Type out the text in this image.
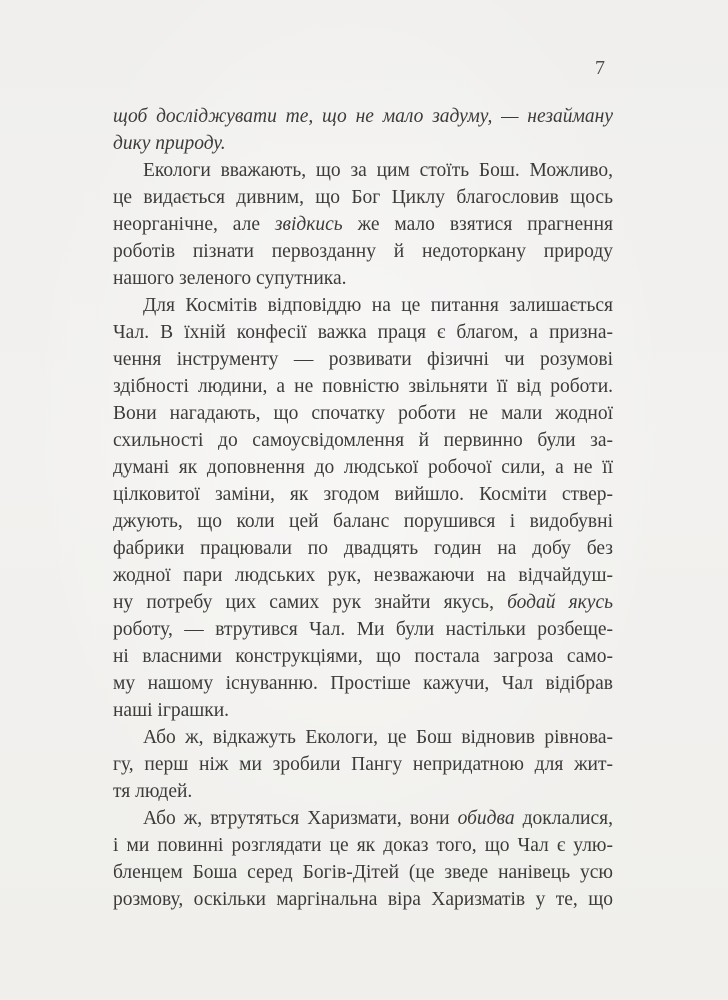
7
щоб досліджувати те, що не мало задуму, — незайману
дику природу.
Екологи вважають, що за цим стоїть Бош. Можливо,
це видається дивним, що Бог Циклу благословив щось
неорганічне, але звідкись же мало взятися прагнення
роботів пізнати первозданну й недоторкану природу
нашого зеленого супутника.
Для Космітів відповіддю на це питання залишається
Чал. В їхній конфесії важка праця є благом, а призна-
чення інструменту — розвивати фізичні чи розумові
здібності людини, а не повністю звільняти її від роботи.
Вони нагадають, що спочатку роботи не мали жодної
схильності до самоусвідомлення й первинно були за-
думані як доповнення до людської робочої сили, а не її
цілковитої заміни, як згодом вийшло. Косміти ствер-
джують, що коли цей баланс порушився і видобувні
фабрики працювали по двадцять годин на добу без
жодної пари людських рук, незважаючи на відчайдуш-
ну потребу цих самих рук знайти якусь, бодай якусь
роботу, — втрутився Чал. Ми були настільки розбеще-
ні власними конструкціями, що постала загроза само-
му нашому існуванню. Простіше кажучи, Чал відібрав
наші іграшки.
Або ж, відкажуть Екологи, це Бош відновив рівнова-
гу, перш ніж ми зробили Пангу непридатною для жит-
тя людей.
Або ж, втрутяться Харизмати, вони обидва доклалися,
і ми повинні розглядати це як доказ того, що Чал є улю-
бленцем Боша серед Богів-Дітей (це зведе нанівець усю
розмову, оскільки маргінальна віра Харизматів у те, що
